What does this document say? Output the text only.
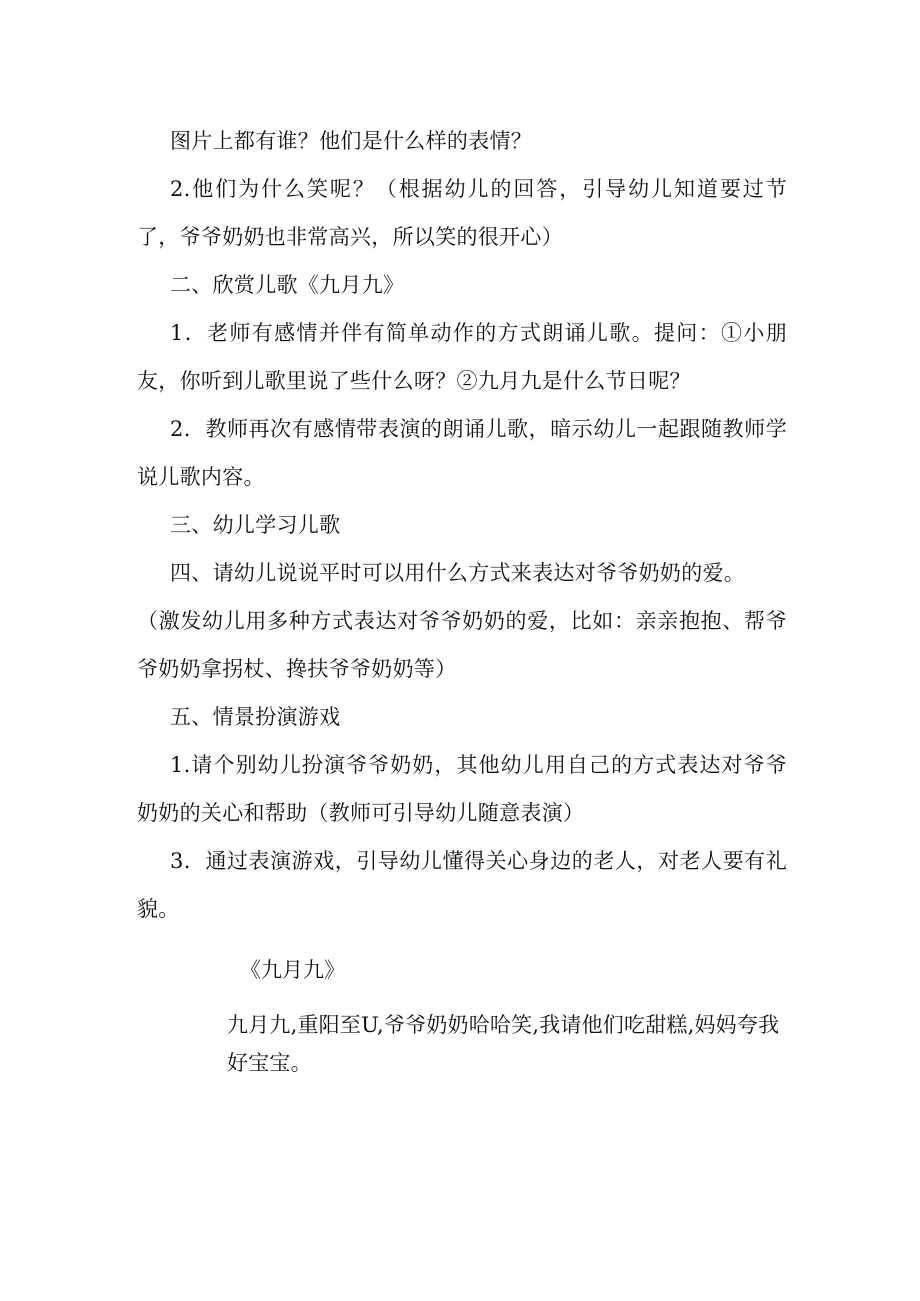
图片上都有谁？他们是什么样的表情？

2.他们为什么笑呢？（根据幼儿的回答，引导幼儿知道要过节了，爷爷奶奶也非常高兴，所以笑的很开心）

二、欣赏儿歌《九月九》

1．老师有感情并伴有简单动作的方式朗诵儿歌。提问：①小朋友，你听到儿歌里说了些什么呀？②九月九是什么节日呢？

2．教师再次有感情带表演的朗诵儿歌，暗示幼儿一起跟随教师学说儿歌内容。

三、幼儿学习儿歌

四、请幼儿说说平时可以用什么方式来表达对爷爷奶奶的爱。

（激发幼儿用多种方式表达对爷爷奶奶的爱，比如：亲亲抱抱、帮爷爷奶奶拿拐杖、搀扶爷爷奶奶等）

五、情景扮演游戏

1.请个别幼儿扮演爷爷奶奶，其他幼儿用自己的方式表达对爷爷奶奶的关心和帮助（教师可引导幼儿随意表演）

3．通过表演游戏，引导幼儿懂得关心身边的老人，对老人要有礼貌。

《九月九》

九月九,重阳至U,爷爷奶奶哈哈笑,我请他们吃甜糕,妈妈夸我好宝宝。
